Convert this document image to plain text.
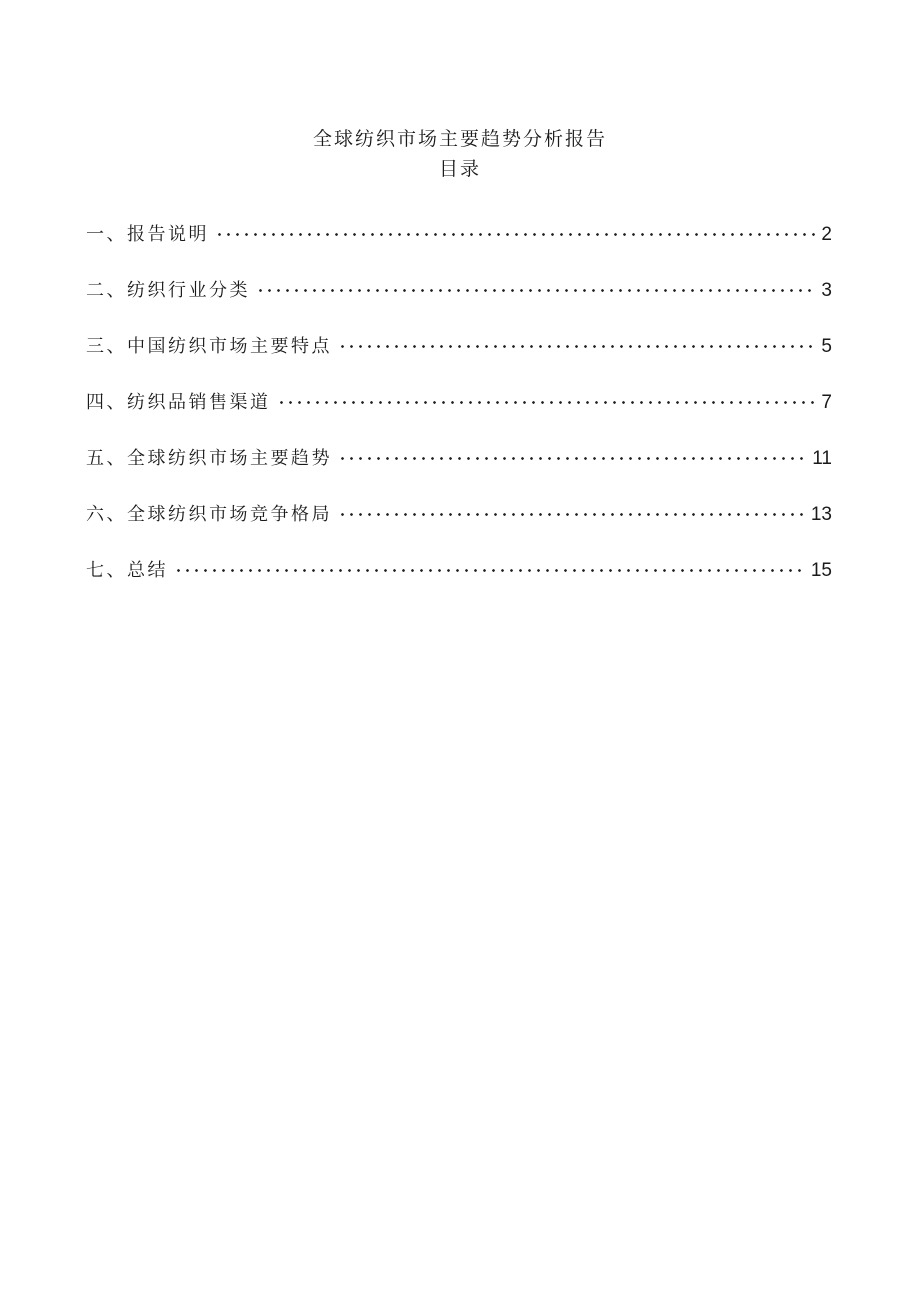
全球纺织市场主要趋势分析报告
目录
一、报告说明	2
二、纺织行业分类	3
三、中国纺织市场主要特点	5
四、纺织品销售渠道	7
五、全球纺织市场主要趋势	11
六、全球纺织市场竞争格局	13
七、总结	15
